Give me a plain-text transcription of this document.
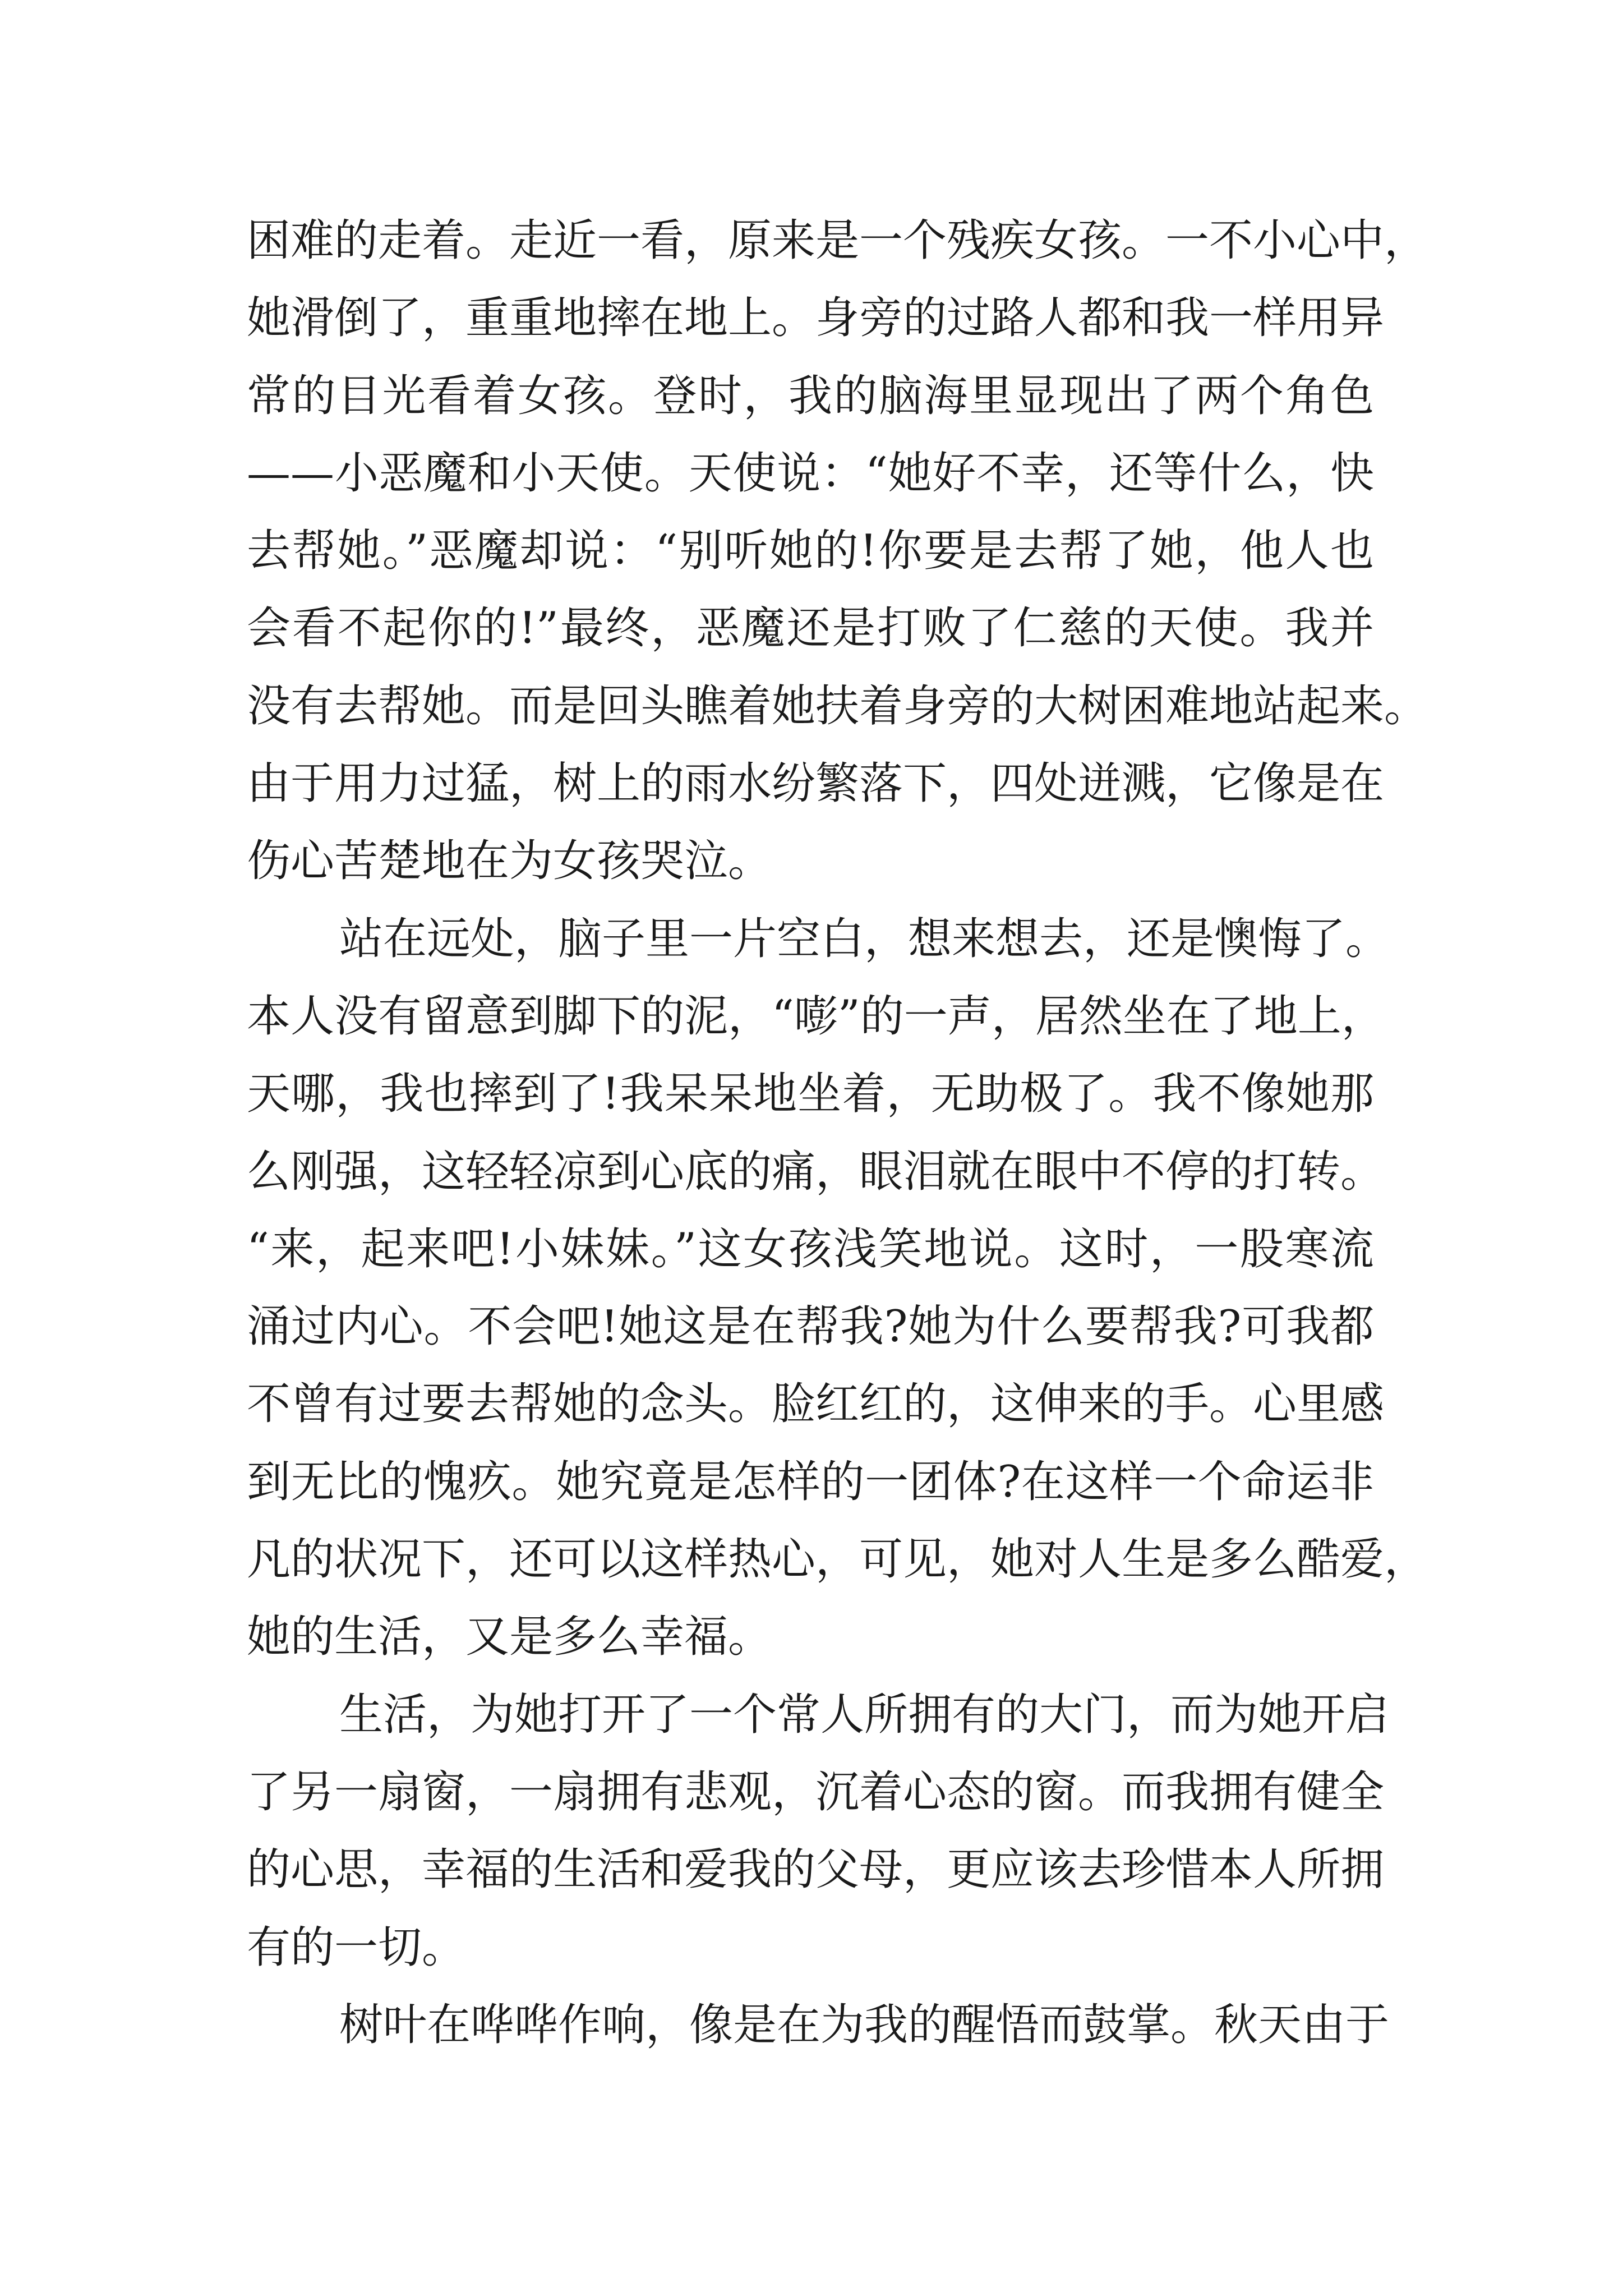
困难的走着。走近一看，原来是一个残疾女孩。一不小心中，
她滑倒了，重重地摔在地上。身旁的过路人都和我一样用异
常的目光看着女孩。登时，我的脑海里显现出了两个角色
——小恶魔和小天使。天使说：“她好不幸，还等什么，快
去帮她。”恶魔却说：“别听她的!你要是去帮了她，他人也
会看不起你的!”最终，恶魔还是打败了仁慈的天使。我并
没有去帮她。而是回头瞧着她扶着身旁的大树困难地站起来。
由于用力过猛，树上的雨水纷繁落下，四处迸溅，它像是在
伤心苦楚地在为女孩哭泣。
站在远处，脑子里一片空白，想来想去，还是懊悔了。
本人没有留意到脚下的泥，“嘭”的一声，居然坐在了地上，
天哪，我也摔到了!我呆呆地坐着，无助极了。我不像她那
么刚强，这轻轻凉到心底的痛，眼泪就在眼中不停的打转。
“来，起来吧!小妹妹。”这女孩浅笑地说。这时，一股寒流
涌过内心。不会吧!她这是在帮我?她为什么要帮我?可我都
不曾有过要去帮她的念头。脸红红的，这伸来的手。心里感
到无比的愧疚。她究竟是怎样的一团体?在这样一个命运非
凡的状况下，还可以这样热心，可见，她对人生是多么酷爱，
她的生活，又是多么幸福。
生活，为她打开了一个常人所拥有的大门，而为她开启
了另一扇窗，一扇拥有悲观，沉着心态的窗。而我拥有健全
的心思，幸福的生活和爱我的父母，更应该去珍惜本人所拥
有的一切。
树叶在哗哗作响，像是在为我的醒悟而鼓掌。秋天由于
